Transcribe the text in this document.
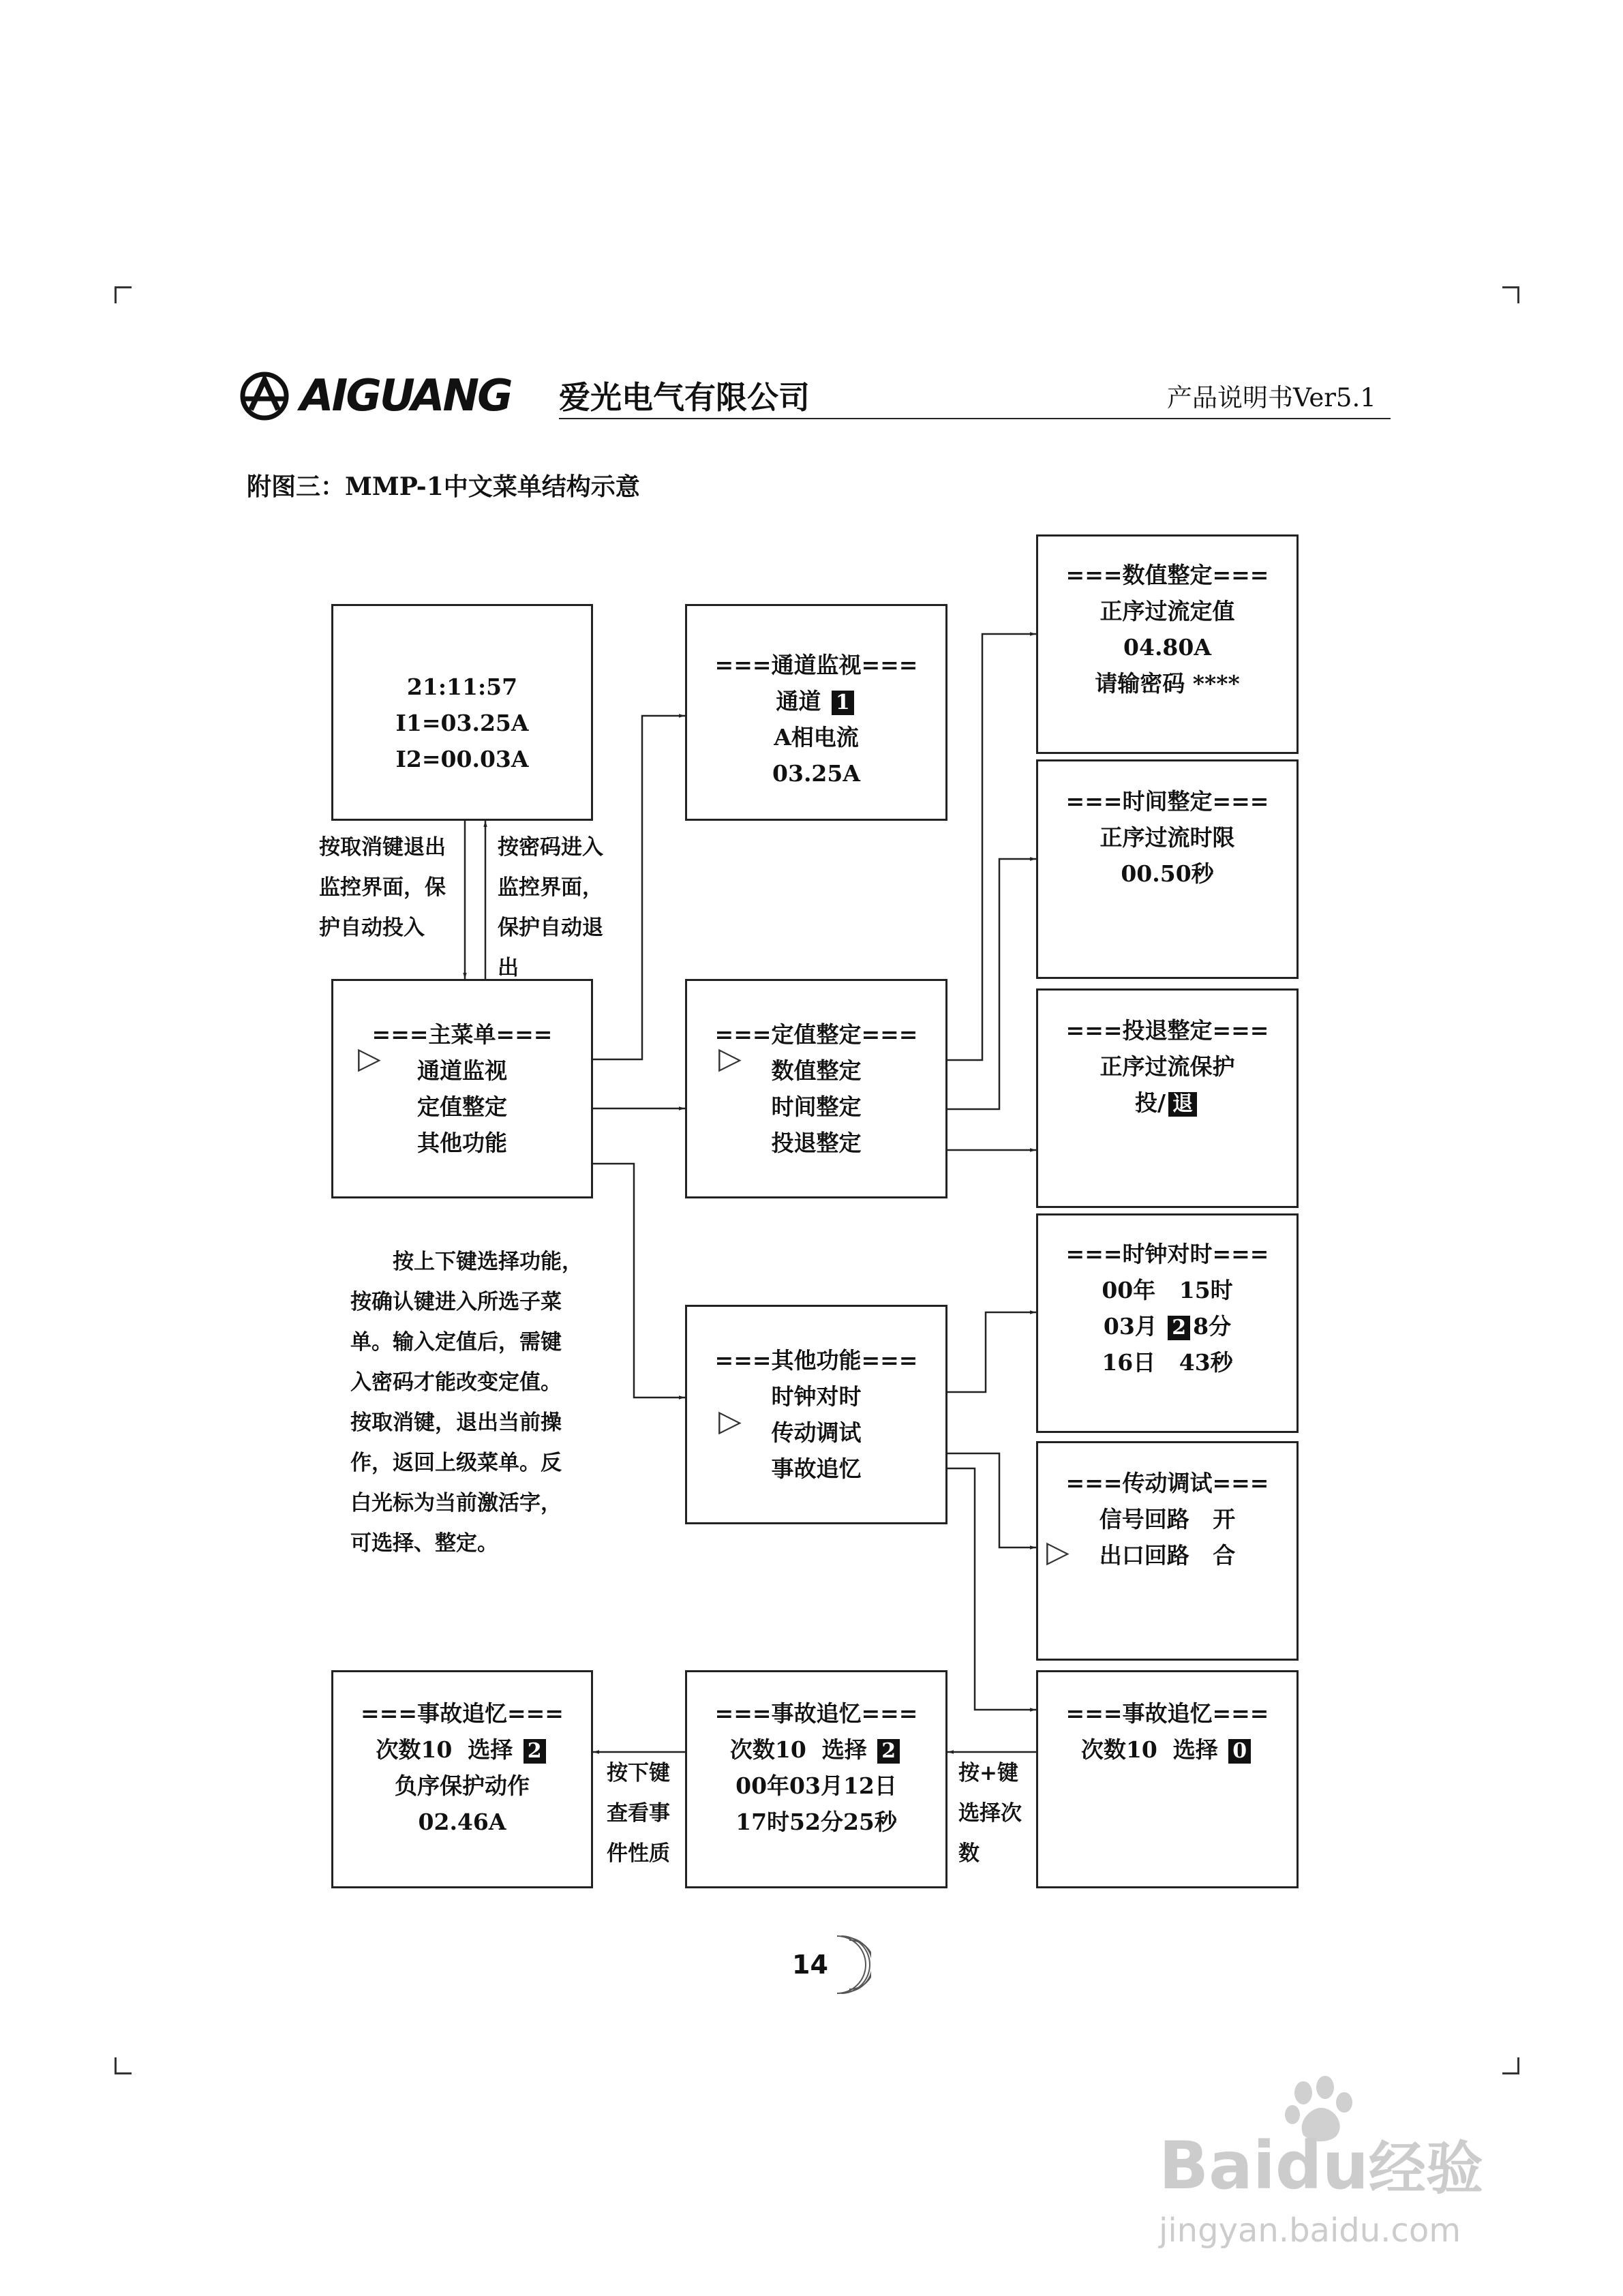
AIGUANG 爱光电气有限公司	产品说明书Ver5.1
附图三：MMP-1中文菜单结构示意
21:11:57
I1=03.25A
I2=00.03A
===通道监视===
通道 1
A相电流
03.25A
===数值整定===
正序过流定值
04.80A
请输密码 ****
===时间整定===
正序过流时限
00.50秒
===投退整定===
正序过流保护
投/ 退
▷
===主菜单===
通道监视
定值整定
其他功能
▷
===定值整定===
数值整定
时间整定
投退整定
===时钟对时===
00年   15时
03月 2 8分
16日   43秒
▷
===其他功能===
时钟对时
传动调试
事故追忆
▷
===传动调试===
信号回路   开
出口回路   合
===事故追忆===
次数10  选择 2
负序保护动作
02.46A
===事故追忆===
次数10  选择 2
00年03月12日
17时52分25秒
===事故追忆===
次数10  选择 0
按取消键退出
监控界面，保
护自动投入
按密码进入
监控界面，
保护自动退
出
按下键
查看事
件性质
按+键
选择次
数
按上下键选择功能，
按确认键进入所选子菜
单。输入定值后，需键
入密码才能改变定值。
按取消键，退出当前操
作，返回上级菜单。反
白光标为当前激活字，
可选择、整定。
14
Baidu经验
jingyan.baidu.com
